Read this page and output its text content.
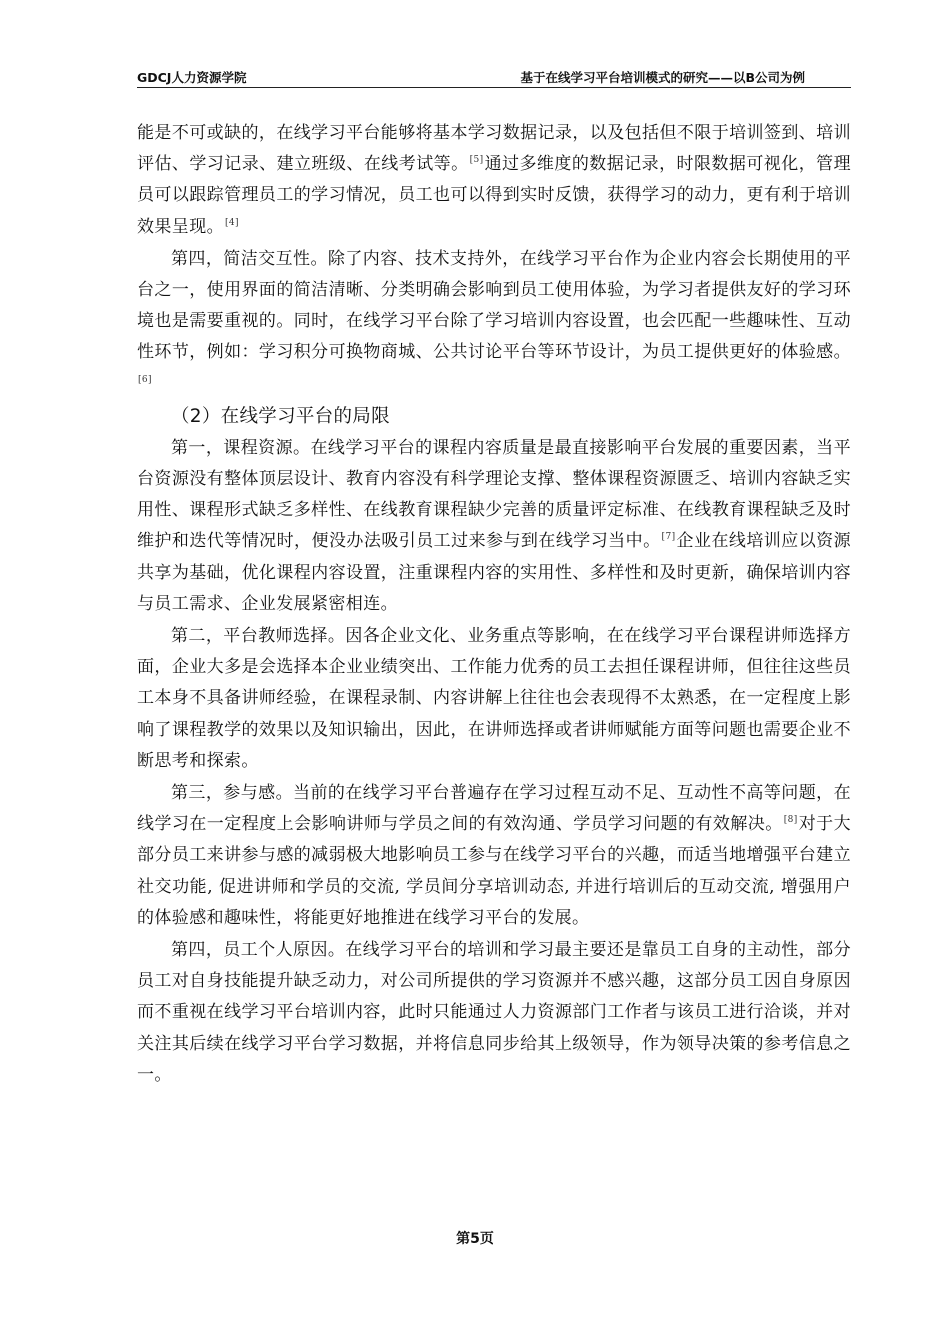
GDCJ人力资源学院	基于在线学习平台培训模式的研究——以B公司为例

能是不可或缺的，在线学习平台能够将基本学习数据记录，以及包括但不限于培训签到、培训评估、学习记录、建立班级、在线考试等。[5]通过多维度的数据记录，时限数据可视化，管理员可以跟踪管理员工的学习情况，员工也可以得到实时反馈，获得学习的动力，更有利于培训效果呈现。[4]

第四，简洁交互性。除了内容、技术支持外，在线学习平台作为企业内容会长期使用的平台之一，使用界面的简洁清晰、分类明确会影响到员工使用体验，为学习者提供友好的学习环境也是需要重视的。同时，在线学习平台除了学习培训内容设置，也会匹配一些趣味性、互动性环节，例如：学习积分可换物商城、公共讨论平台等环节设计，为员工提供更好的体验感。[6]

（2）在线学习平台的局限

第一，课程资源。在线学习平台的课程内容质量是最直接影响平台发展的重要因素，当平台资源没有整体顶层设计、教育内容没有科学理论支撑、整体课程资源匮乏、培训内容缺乏实用性、课程形式缺乏多样性、在线教育课程缺少完善的质量评定标准、在线教育课程缺乏及时维护和迭代等情况时，便没办法吸引员工过来参与到在线学习当中。[7]企业在线培训应以资源共享为基础，优化课程内容设置，注重课程内容的实用性、多样性和及时更新，确保培训内容与员工需求、企业发展紧密相连。

第二，平台教师选择。因各企业文化、业务重点等影响，在在线学习平台课程讲师选择方面，企业大多是会选择本企业业绩突出、工作能力优秀的员工去担任课程讲师，但往往这些员工本身不具备讲师经验，在课程录制、内容讲解上往往也会表现得不太熟悉，在一定程度上影响了课程教学的效果以及知识输出，因此，在讲师选择或者讲师赋能方面等问题也需要企业不断思考和探索。

第三，参与感。当前的在线学习平台普遍存在学习过程互动不足、互动性不高等问题，在线学习在一定程度上会影响讲师与学员之间的有效沟通、学员学习问题的有效解决。[8]对于大部分员工来讲参与感的减弱极大地影响员工参与在线学习平台的兴趣，而适当地增强平台建立社交功能, 促进讲师和学员的交流, 学员间分享培训动态, 并进行培训后的互动交流, 增强用户的体验感和趣味性，将能更好地推进在线学习平台的发展。

第四，员工个人原因。在线学习平台的培训和学习最主要还是靠员工自身的主动性，部分员工对自身技能提升缺乏动力，对公司所提供的学习资源并不感兴趣，这部分员工因自身原因而不重视在线学习平台培训内容，此时只能通过人力资源部门工作者与该员工进行洽谈，并对关注其后续在线学习平台学习数据，并将信息同步给其上级领导，作为领导决策的参考信息之一。

第5页
